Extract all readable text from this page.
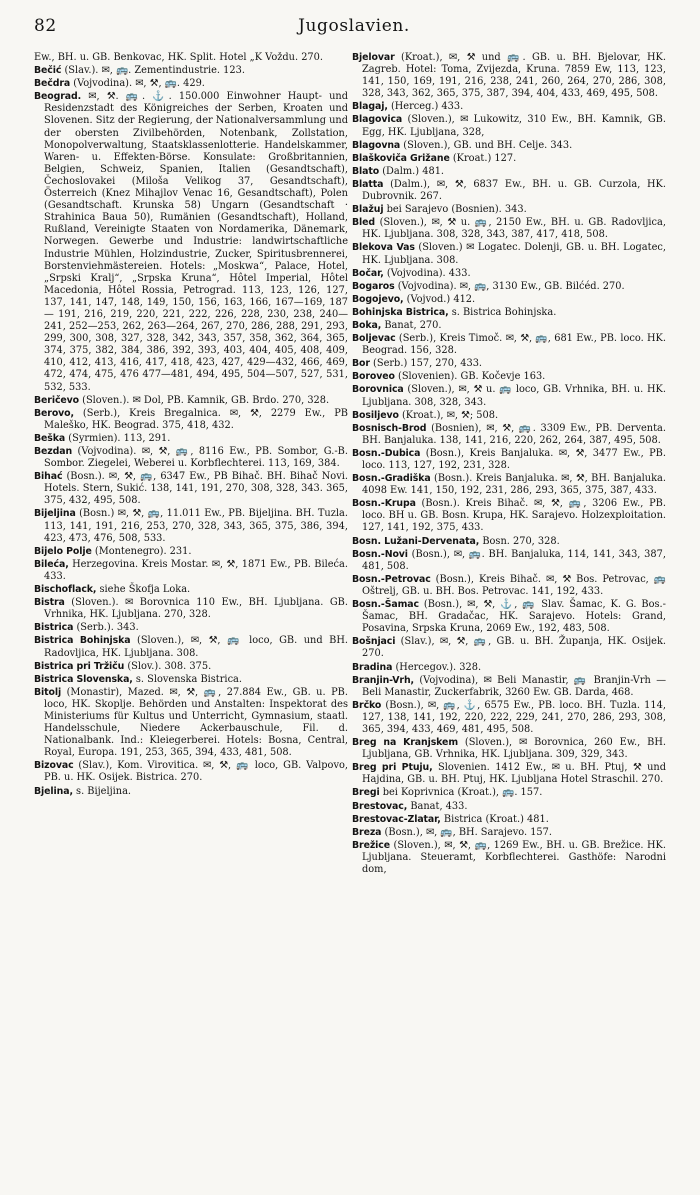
82	Jugoslavien.

Ew., BH. u. GB. Benkovac, HK. Split. Hotel „K Voždu. 270.

Bečić (Slav.). ✉, 🚌. Zementindustrie. 123.

Bečdra (Vojvodina). ✉, ⚒, 🚌. 429.

Beograd. ✉, ⚒. 🚌. ⚓. 150.000 Einwohner Haupt- und Residenzstadt des Königreiches der Serben, Kroaten und Slovenen. Sitz der Regierung, der Nationalversammlung und der obersten Zivilbehörden, Notenbank, Zollstation, Monopolverwaltung, Staatsklassenlotterie. Handelskammer, Waren- u. Effekten-Börse. Konsulate: Großbritannien, Belgien, Schweiz, Spanien, Italien (Gesandtschaft), Čechoslovakei (Miloša Velikog 37, Gesandtschaft), Österreich (Knez Mihajlov Venac 16, Gesandtschaft), Polen (Gesandtschaft. Krunska 58) Ungarn (Gesandtschaft · Strahinica Baua 50), Rumänien (Gesandtschaft), Holland, Rußland, Vereinigte Staaten von Nordamerika, Dänemark, Norwegen. Gewerbe und Industrie: landwirtschaftliche Industrie Mühlen, Holzindustrie, Zucker, Spiritusbrennerei, Borstenviehmästereien. Hotels: „Moskwa“, Palace, Hotel, „Srpski Kralj“, „Srpska Kruna“, Hôtel Imperial, Hôtel Macedonia, Hôtel Rossia, Petrograd. 113, 123, 126, 127, 137, 141, 147, 148, 149, 150, 156, 163, 166, 167—169, 187— 191, 216, 219, 220, 221, 222, 226, 228, 230, 238, 240—241, 252—253, 262, 263—264, 267, 270, 286, 288, 291, 293, 299, 300, 308, 327, 328, 342, 343, 357, 358, 362, 364, 365, 374, 375, 382, 384, 386, 392, 393, 403, 404, 405, 408, 409, 410, 412, 413, 416, 417, 418, 423, 427, 429—432, 466, 469, 472, 474, 475, 476 477—481, 494, 495, 504—507, 527, 531, 532, 533.

Beričevo (Sloven.). ✉ Dol, PB. Kamnik, GB. Brdo. 270, 328.

Berovo, (Serb.), Kreis Bregalnica. ✉, ⚒, 2279 Ew., PB Maleško, HK. Beograd. 375, 418, 432.

Beška (Syrmien). 113, 291.

Bezdan (Vojvodina). ✉, ⚒, 🚌, 8116 Ew., PB. Sombor, G.-B. Sombor. Ziegelei, Weberei u. Korbflechterei. 113, 169, 384.

Bihać (Bosn.). ✉, ⚒, 🚌, 6347 Ew., PB Bihač. BH. Bihač Novi. Hotels. Stern, Sukić. 138, 141, 191, 270, 308, 328, 343. 365, 375, 432, 495, 508.

Bijeljina (Bosn.) ✉, ⚒, 🚌, 11.011 Ew., PB. Bijeljina. BH. Tuzla. 113, 141, 191, 216, 253, 270, 328, 343, 365, 375, 386, 394, 423, 473, 476, 508, 533.

Bijelo Polje (Montenegro). 231.

Bileća, Herzegovina. Kreis Mostar. ✉, ⚒, 1871 Ew., PB. Bileća. 433.

Bischoflack, siehe Škofja Loka.

Bistra (Sloven.). ✉ Borovnica 110 Ew., BH. Ljubljana. GB. Vrhnika, HK. Ljubljana. 270, 328.

Bistrica (Serb.). 343.

Bistrica Bohinjska (Sloven.), ✉, ⚒, 🚌 loco, GB. und BH. Radovljica, HK. Ljubljana. 308.

Bistrica pri Tržiču (Slov.). 308. 375.

Bistrica Slovenska, s. Slovenska Bistrica.

Bitolj (Monastir), Mazed. ✉, ⚒, 🚌, 27.884 Ew., GB. u. PB. loco, HK. Skoplje. Behörden und Anstalten: Inspektorat des Ministeriums für Kultus und Unterricht, Gymnasium, staatl. Handelsschule, Niedere Ackerbauschule, Fil. d. Nationalbank. Ind.: Kleiegerberei. Hotels: Bosna, Central, Royal, Europa. 191, 253, 365, 394, 433, 481, 508.

Bizovac (Slav.), Kom. Virovitica. ✉, ⚒, 🚌 loco, GB. Valpovo, PB. u. HK. Osijek. Bistrica. 270.

Bjelina, s. Bijeljina.

Bjelovar (Kroat.), ✉, ⚒ und 🚌. GB. u. BH. Bjelovar, HK. Zagreb. Hotel: Toma, Zvijezda, Kruna. 7859 Ew, 113, 123, 141, 150, 169, 191, 216, 238, 241, 260, 264, 270, 286, 308, 328, 343, 362, 365, 375, 387, 394, 404, 433, 469, 495, 508.

Blagaj, (Herceg.) 433.

Blagovica (Sloven.), ✉ Lukowitz, 310 Ew., BH. Kamnik, GB. Egg, HK. Ljubljana, 328,

Blagovna (Sloven.), GB. und BH. Celje. 343.

Blaškoviča Grižane (Kroat.) 127.

Blato (Dalm.) 481.

Blatta (Dalm.), ✉, ⚒, 6837 Ew., BH. u. GB. Curzola, HK. Dubrovnik. 267.

Blažuj bei Sarajevo (Bosnien). 343.

Bled (Sloven.), ✉, ⚒ u. 🚌, 2150 Ew., BH. u. GB. Radovljica, HK. Ljubljana. 308, 328, 343, 387, 417, 418, 508.

Blekova Vas (Sloven.) ✉ Logatec. Dolenji, GB. u. BH. Logatec, HK. Ljubljana. 308.

Bočar, (Vojvodina). 433.

Bogaros (Vojvodina). ✉, 🚌, 3130 Ew., GB. Bilćéd. 270.

Bogojevo, (Vojvod.) 412.

Bohinjska Bistrica, s. Bistrica Bohinjska.

Boka, Banat, 270.

Boljevac (Serb.), Kreis Timoč. ✉, ⚒, 🚌, 681 Ew., PB. loco. HK. Beograd. 156, 328.

Bor (Serb.) 157, 270, 433.

Boroveo (Slovenien). GB. Kočevje 163.

Borovnica (Sloven.), ✉, ⚒ u. 🚌 loco, GB. Vrhnika, BH. u. HK. Ljubljana. 308, 328, 343.

Bosiljevo (Kroat.), ✉, ⚒; 508.

Bosnisch-Brod (Bosnien), ✉, ⚒, 🚌. 3309 Ew., PB. Derventa. BH. Banjaluka. 138, 141, 216, 220, 262, 264, 387, 495, 508.

Bosn.-Dubica (Bosn.), Kreis Banjaluka. ✉, ⚒, 3477 Ew., PB. loco. 113, 127, 192, 231, 328.

Bosn.-Gradiška (Bosn.). Kreis Banjaluka. ✉, ⚒, BH. Banjaluka. 4098 Ew. 141, 150, 192, 231, 286, 293, 365, 375, 387, 433.

Bosn.-Krupa (Bosn.). Kreis Bihač. ✉, ⚒, 🚌, 3206 Ew., PB. loco. BH u. GB. Bosn. Krupa, HK. Sarajevo. Holzexploitation. 127, 141, 192, 375, 433.

Bosn. Lužani-Dervenata, Bosn. 270, 328.

Bosn.-Novi (Bosn.), ✉, 🚌. BH. Banjaluka, 114, 141, 343, 387, 481, 508.

Bosn.-Petrovac (Bosn.), Kreis Bihač. ✉, ⚒ Bos. Petrovac, 🚌 Oštrelj, GB. u. BH. Bos. Petrovac. 141, 192, 433.

Bosn.-Šamac (Bosn.), ✉, ⚒, ⚓, 🚌 Slav. Šamac, K. G. Bos.-Šamac, BH. Gradačac, HK. Sarajevo. Hotels: Grand, Posavina, Srpska Kruna, 2069 Ew., 192, 483, 508.

Bošnjaci (Slav.), ✉, ⚒, 🚌, GB. u. BH. Županja, HK. Osijek. 270.

Bradina (Hercegov.). 328.

Branjin-Vrh, (Vojvodina), ✉ Beli Manastir, 🚌 Branjin-Vrh — Beli Manastir, Zuckerfabrik, 3260 Ew. GB. Darda, 468.

Brčko (Bosn.), ✉, 🚌, ⚓, 6575 Ew., PB. loco. BH. Tuzla. 114, 127, 138, 141, 192, 220, 222, 229, 241, 270, 286, 293, 308, 365, 394, 433, 469, 481, 495, 508.

Breg na Kranjskem (Sloven.), ✉ Borovnica, 260 Ew., BH. Ljubljana, GB. Vrhnika, HK. Ljubljana. 309, 329, 343.

Breg pri Ptuju, Slovenien. 1412 Ew., ✉ u. BH. Ptuj, ⚒ und Hajdina, GB. u. BH. Ptuj, HK. Ljubljana Hotel Straschil. 270.

Bregi bei Koprivnica (Kroat.), 🚌. 157.

Brestovac, Banat, 433.

Brestovac-Zlatar, Bistrica (Kroat.) 481.

Breza (Bosn.), ✉, 🚌, BH. Sarajevo. 157.

Brežice (Sloven.), ✉, ⚒, 🚌, 1269 Ew., BH. u. GB. Brežice. HK. Ljubljana. Steueramt, Korbflechterei. Gasthöfe: Narodni dom,
